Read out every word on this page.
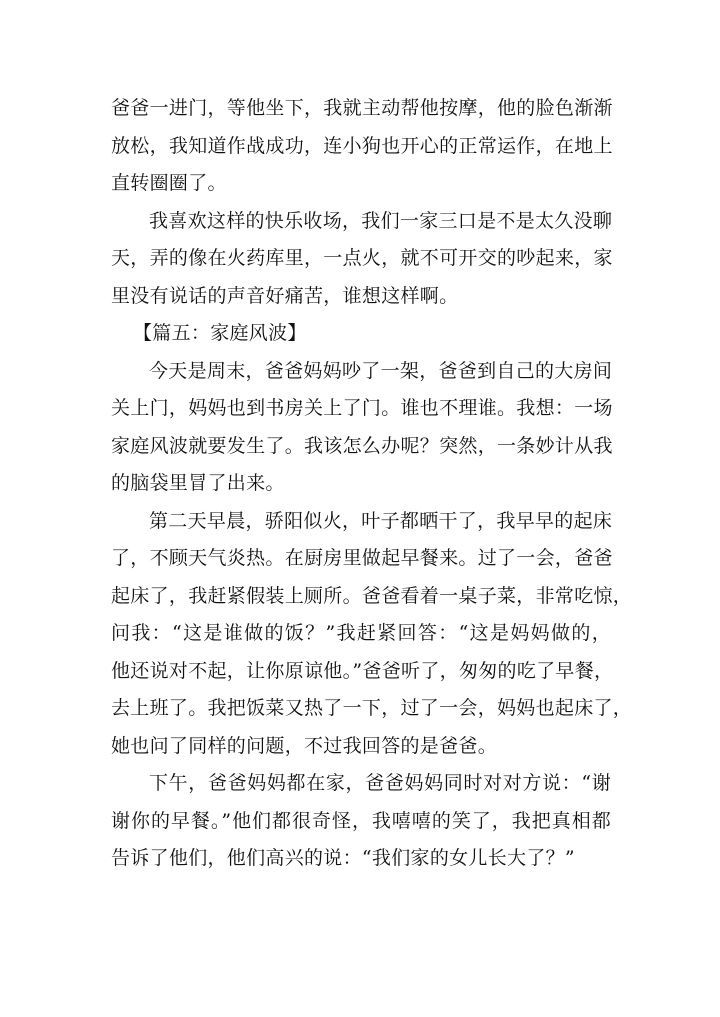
爸爸一进门，等他坐下，我就主动帮他按摩，他的脸色渐渐
放松，我知道作战成功，连小狗也开心的正常运作，在地上
直转圈圈了。
我喜欢这样的快乐收场，我们一家三口是不是太久没聊
天，弄的像在火药库里，一点火，就不可开交的吵起来，家
里没有说话的声音好痛苦，谁想这样啊。
【篇五：家庭风波】
今天是周末，爸爸妈妈吵了一架，爸爸到自己的大房间
关上门，妈妈也到书房关上了门。谁也不理谁。我想：一场
家庭风波就要发生了。我该怎么办呢？突然，一条妙计从我
的脑袋里冒了出来。
第二天早晨，骄阳似火，叶子都晒干了，我早早的起床
了，不顾天气炎热。在厨房里做起早餐来。过了一会，爸爸
起床了，我赶紧假装上厕所。爸爸看着一桌子菜，非常吃惊，
问我：“这是谁做的饭？”我赶紧回答：“这是妈妈做的，
他还说对不起，让你原谅他。”爸爸听了，匆匆的吃了早餐，
去上班了。我把饭菜又热了一下，过了一会，妈妈也起床了，
她也问了同样的问题，不过我回答的是爸爸。
下午，爸爸妈妈都在家，爸爸妈妈同时对对方说：“谢
谢你的早餐。”他们都很奇怪，我嘻嘻的笑了，我把真相都
告诉了他们，他们高兴的说：“我们家的女儿长大了？”
